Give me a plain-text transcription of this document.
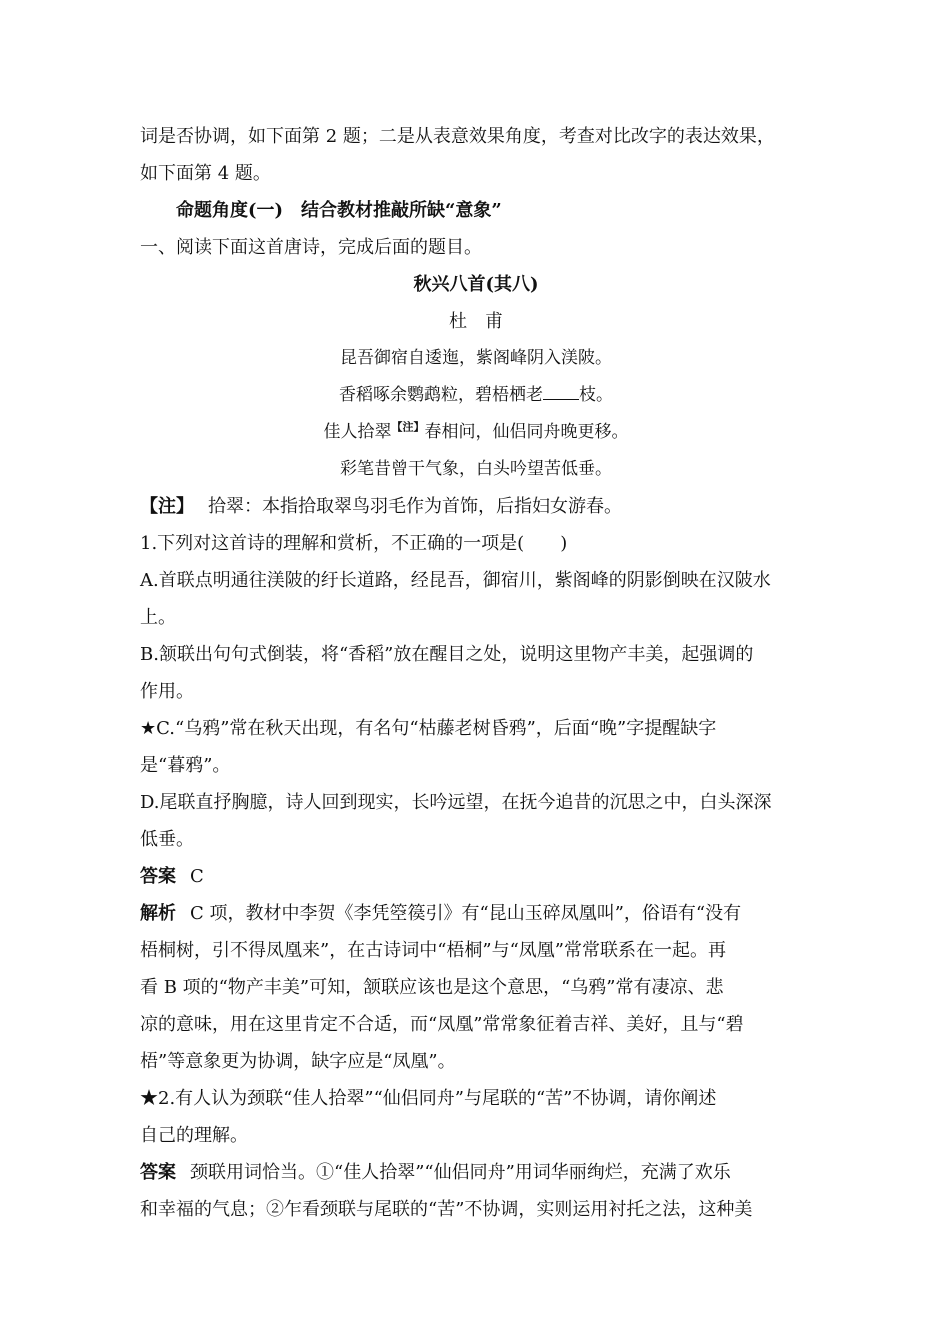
词是否协调，如下面第 2 题；二是从表意效果角度，考查对比改字的表达效果，

如下面第 4 题。

命题角度(一)　结合教材推敲所缺“意象”

一、阅读下面这首唐诗，完成后面的题目。

秋兴八首(其八)

杜 甫

昆吾御宿自逶迤，紫阁峰阴入渼陂。

香稻啄余鹦鹉粒，碧梧栖老 枝。

佳人拾翠$^{【注】}$春相问，仙侣同舟晚更移。

彩笔昔曾干气象，白头吟望苦低垂。

【注】 拾翠：本指拾取翠鸟羽毛作为首饰，后指妇女游春。

1.下列对这首诗的理解和赏析，不正确的一项是(　　)

A.首联点明通往渼陂的纡长道路，经昆吾，御宿川，紫阁峰的阴影倒映在汉陂水

上。

B.颔联出句句式倒装，将“香稻”放在醒目之处，说明这里物产丰美，起强调的

作用。

★C.“乌鸦”常在秋天出现，有名句“枯藤老树昏鸦”，后面“晚”字提醒缺字

是“暮鸦”。

D.尾联直抒胸臆，诗人回到现实，长吟远望，在抚今追昔的沉思之中，白头深深

低垂。

答案 C

解析 C 项，教材中李贺《李凭箜篌引》有“昆山玉碎凤凰叫”，俗语有“没有

梧桐树，引不得凤凰来”，在古诗词中“梧桐”与“凤凰”常常联系在一起。再

看 B 项的“物产丰美”可知，颔联应该也是这个意思，“乌鸦”常有凄凉、悲

凉的意味，用在这里肯定不合适，而“凤凰”常常象征着吉祥、美好，且与“碧

梧”等意象更为协调，缺字应是“凤凰”。

★2.有人认为颈联“佳人拾翠”“仙侣同舟”与尾联的“苦”不协调，请你阐述

自己的理解。

答案 颈联用词恰当。①“佳人拾翠”“仙侣同舟”用词华丽绚烂，充满了欢乐

和幸福的气息；②乍看颈联与尾联的“苦”不协调，实则运用衬托之法，这种美
